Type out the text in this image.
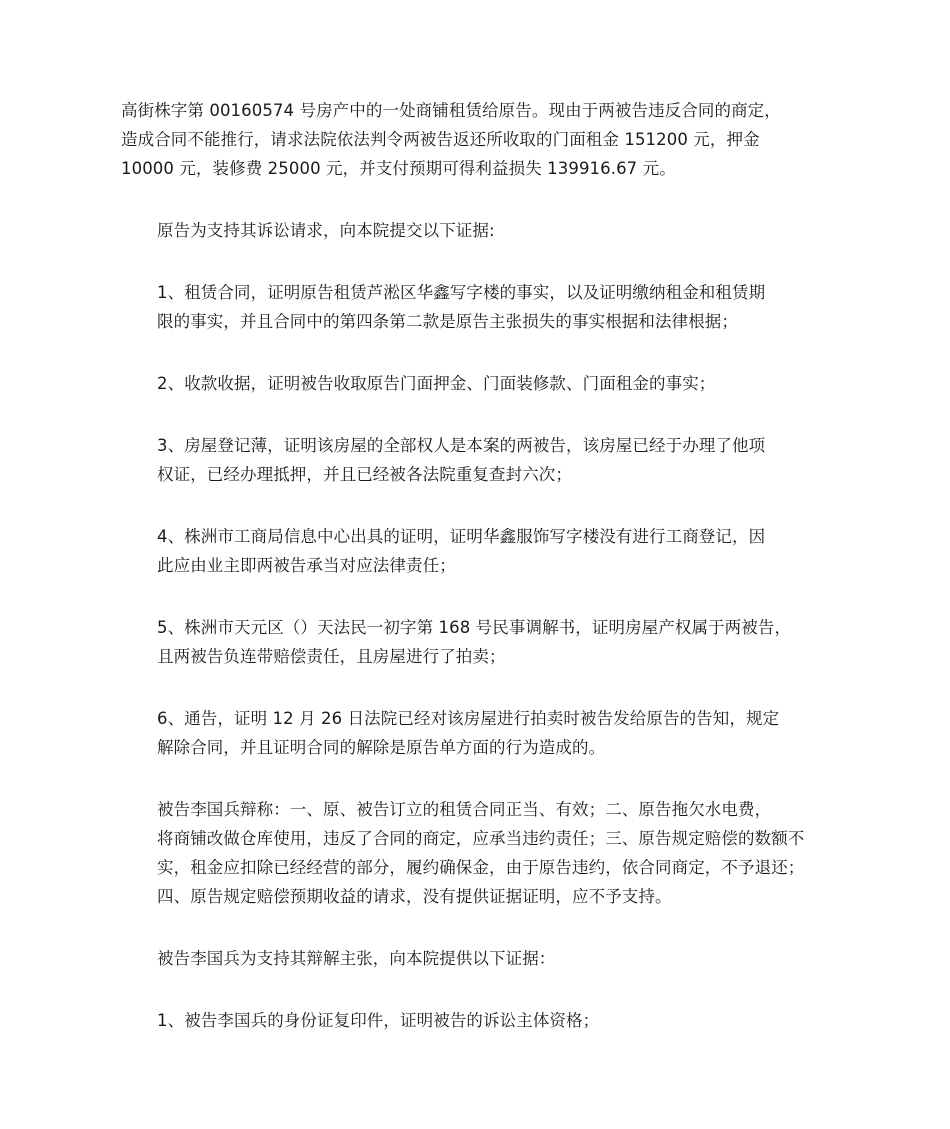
高街株字第 00160574 号房产中的一处商铺租赁给原告。现由于两被告违反合同的商定，
造成合同不能推行，请求法院依法判令两被告返还所收取的门面租金 151200 元，押金
10000 元，装修费 25000 元，并支付预期可得利益损失 139916.67 元。
原告为支持其诉讼请求，向本院提交以下证据:
1、租赁合同，证明原告租赁芦淞区华鑫写字楼的事实，以及证明缴纳租金和租赁期
限的事实，并且合同中的第四条第二款是原告主张损失的事实根据和法律根据；
2、收款收据，证明被告收取原告门面押金、门面装修款、门面租金的事实；
3、房屋登记薄，证明该房屋的全部权人是本案的两被告，该房屋已经于办理了他项
权证，已经办理抵押，并且已经被各法院重复查封六次；
4、株洲市工商局信息中心出具的证明，证明华鑫服饰写字楼没有进行工商登记，因
此应由业主即两被告承当对应法律责任；
5、株洲市天元区（）天法民一初字第 168 号民事调解书，证明房屋产权属于两被告，
且两被告负连带赔偿责任，且房屋进行了拍卖；
6、通告，证明 12 月 26 日法院已经对该房屋进行拍卖时被告发给原告的告知，规定
解除合同，并且证明合同的解除是原告单方面的行为造成的。
被告李国兵辩称：一、原、被告订立的租赁合同正当、有效；二、原告拖欠水电费，
将商铺改做仓库使用，违反了合同的商定，应承当违约责任；三、原告规定赔偿的数额不
实，租金应扣除已经经营的部分，履约确保金，由于原告违约，依合同商定，不予退还；
四、原告规定赔偿预期收益的请求，没有提供证据证明，应不予支持。
被告李国兵为支持其辩解主张，向本院提供以下证据：
1、被告李国兵的身份证复印件，证明被告的诉讼主体资格；
